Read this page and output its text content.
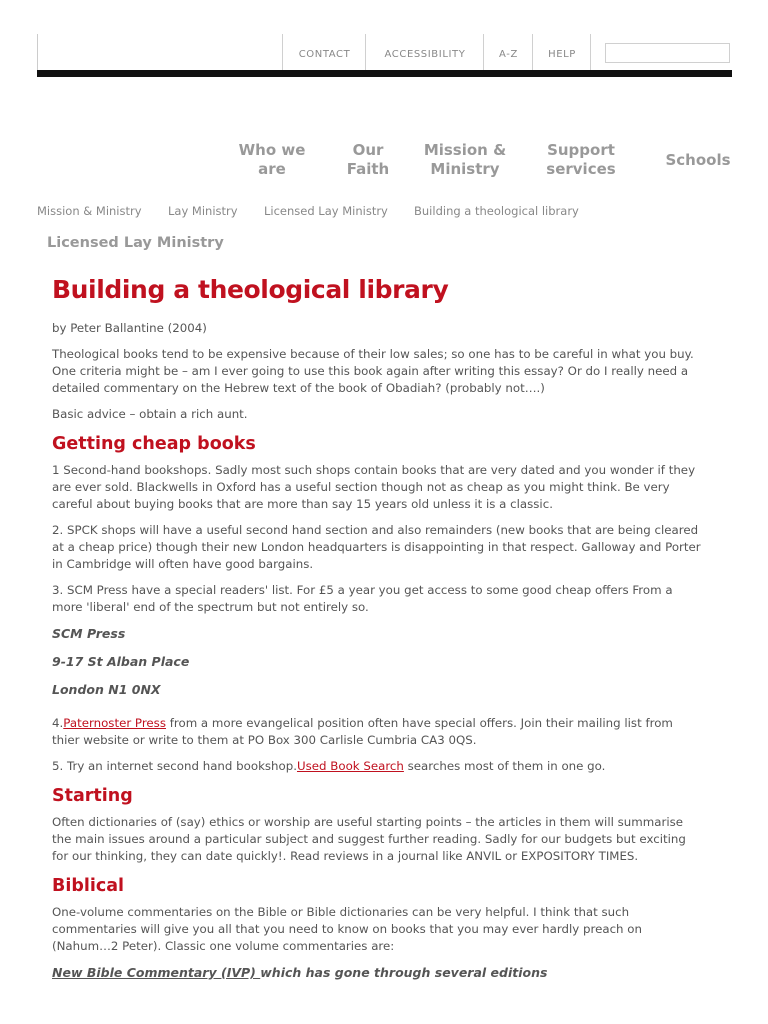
CONTACT	ACCESSIBILITY	A-Z	HELP
Who we are
Our Faith
Mission & Ministry
Support services	Schools
Mission & Ministry Lay Ministry Licensed Lay Ministry Building a theological library
Licensed Lay Ministry
Building a theological library

by Peter Ballantine (2004)

Theological books tend to be expensive because of their low sales; so one has to be careful in what you buy. One criteria might be – am I ever going to use this book again after writing this essay? Or do I really need a detailed commentary on the Hebrew text of the book of Obadiah? (probably not….)

Basic advice – obtain a rich aunt.

Getting cheap books

1 Second-hand bookshops. Sadly most such shops contain books that are very dated and you wonder if they are ever sold. Blackwells in Oxford has a useful section though not as cheap as you might think. Be very careful about buying books that are more than say 15 years old unless it is a classic.

2. SPCK shops will have a useful second hand section and also remainders (new books that are being cleared at a cheap price) though their new London headquarters is disappointing in that respect. Galloway and Porter in Cambridge will often have good bargains.

3. SCM Press have a special readers' list. For £5 a year you get access to some good cheap offers From a more 'liberal' end of the spectrum but not entirely so.

SCM Press

9-17 St Alban Place

London N1 0NX

4.Paternoster Press from a more evangelical position often have special offers. Join their mailing list from thier website or write to them at PO Box 300 Carlisle Cumbria CA3 0QS.

5. Try an internet second hand bookshop.Used Book Search searches most of them in one go.

Starting

Often dictionaries of (say) ethics or worship are useful starting points – the articles in them will summarise the main issues around a particular subject and suggest further reading. Sadly for our budgets but exciting for our thinking, they can date quickly!. Read reviews in a journal like ANVIL or EXPOSITORY TIMES.

Biblical

One-volume commentaries on the Bible or Bible dictionaries can be very helpful. I think that such commentaries will give you all that you need to know on books that you may ever hardly preach on (Nahum…2 Peter). Classic one volume commentaries are:

New Bible Commentary (IVP) which has gone through several editions
